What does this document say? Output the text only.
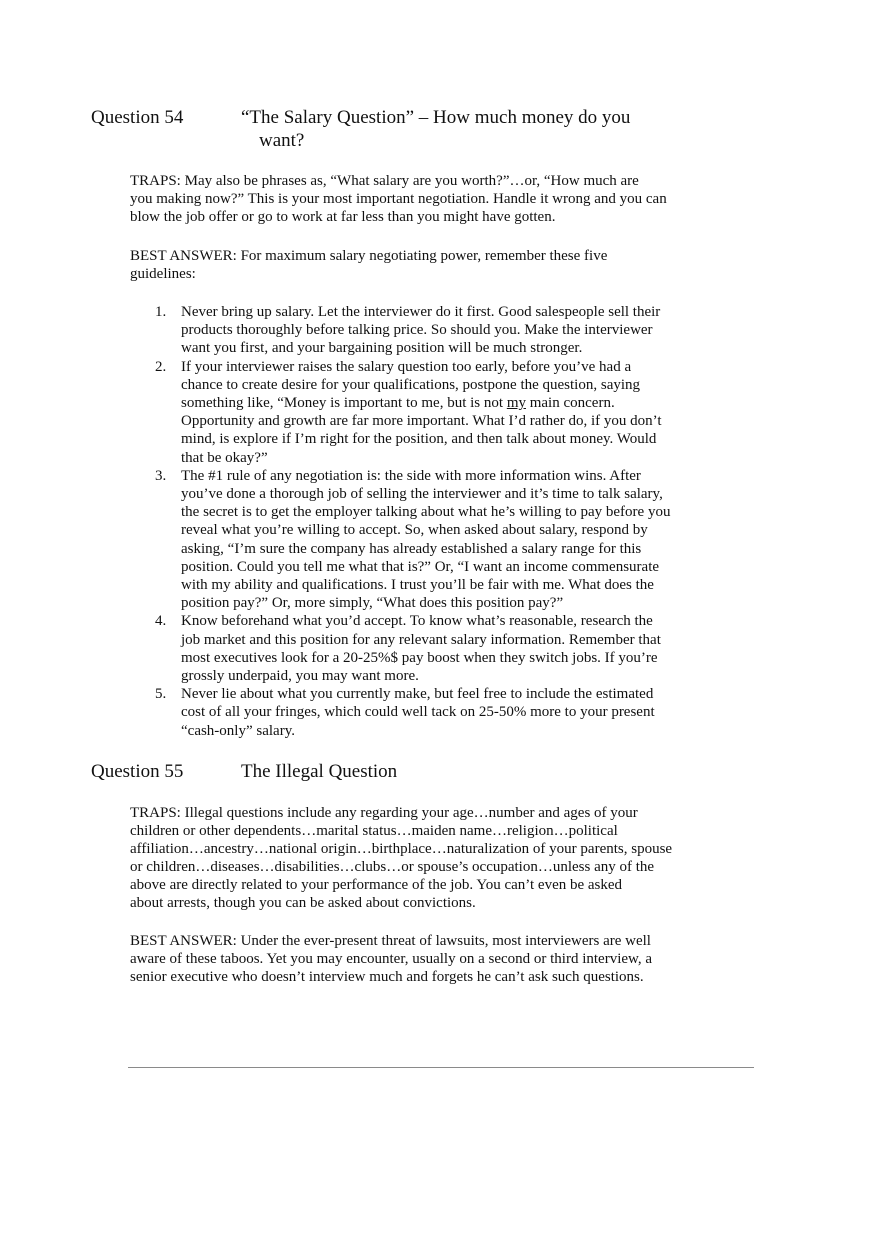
Question 54	“The Salary Question” – How much money do you
want?
TRAPS: May also be phrases as, “What salary are you worth?”…or, “How much are
you making now?” This is your most important negotiation. Handle it wrong and you can
blow the job offer or go to work at far less than you might have gotten.
BEST ANSWER: For maximum salary negotiating power, remember these five
guidelines:
1. Never bring up salary. Let the interviewer do it first. Good salespeople sell their
products thoroughly before talking price. So should you. Make the interviewer
want you first, and your bargaining position will be much stronger.
2. If your interviewer raises the salary question too early, before you’ve had a
chance to create desire for your qualifications, postpone the question, saying
something like, “Money is important to me, but is not my main concern.
Opportunity and growth are far more important. What I’d rather do, if you don’t
mind, is explore if I’m right for the position, and then talk about money. Would
that be okay?”
3. The #1 rule of any negotiation is: the side with more information wins. After
you’ve done a thorough job of selling the interviewer and it’s time to talk salary,
the secret is to get the employer talking about what he’s willing to pay before you
reveal what you’re willing to accept. So, when asked about salary, respond by
asking, “I’m sure the company has already established a salary range for this
position. Could you tell me what that is?” Or, “I want an income commensurate
with my ability and qualifications. I trust you’ll be fair with me. What does the
position pay?” Or, more simply, “What does this position pay?”
4. Know beforehand what you’d accept. To know what’s reasonable, research the
job market and this position for any relevant salary information. Remember that
most executives look for a 20-25%$ pay boost when they switch jobs. If you’re
grossly underpaid, you may want more.
5. Never lie about what you currently make, but feel free to include the estimated
cost of all your fringes, which could well tack on 25-50% more to your present
“cash-only” salary.
Question 55	The Illegal Question
TRAPS: Illegal questions include any regarding your age…number and ages of your
children or other dependents…marital status…maiden name…religion…political
affiliation…ancestry…national origin…birthplace…naturalization of your parents, spouse
or children…diseases…disabilities…clubs…or spouse’s occupation…unless any of the
above are directly related to your performance of the job. You can’t even be asked
about arrests, though you can be asked about convictions.
BEST ANSWER: Under the ever-present threat of lawsuits, most interviewers are well
aware of these taboos. Yet you may encounter, usually on a second or third interview, a
senior executive who doesn’t interview much and forgets he can’t ask such questions.
